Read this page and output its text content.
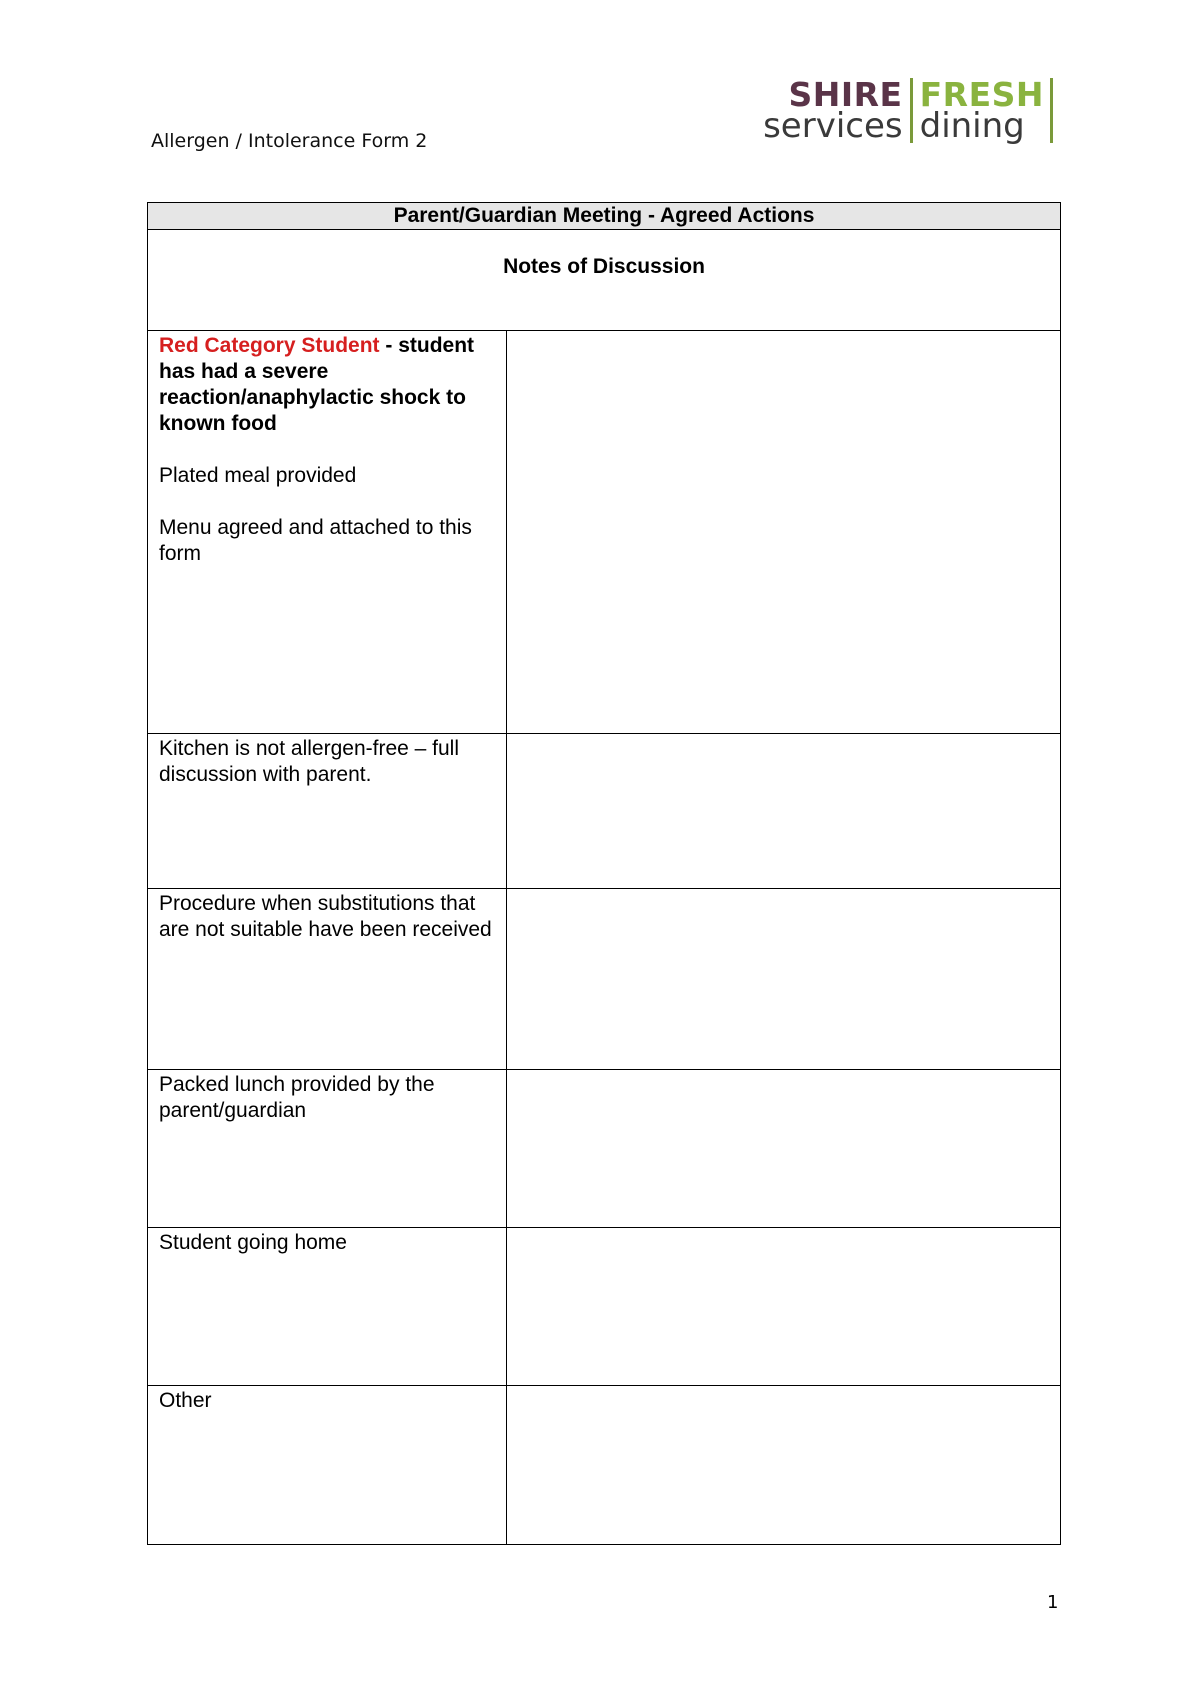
Allergen / Intolerance Form 2
SHIRE
services
FRESH
dining
Parent/Guardian Meeting - Agreed Actions
Notes of Discussion
Red Category Student - student has had a severe reaction/anaphylactic shock to known food
Plated meal provided
Menu agreed and attached to this form
Kitchen is not allergen-free – full discussion with parent.
Procedure when substitutions that are not suitable have been received
Packed lunch provided by the parent/guardian
Student going home
Other
1
